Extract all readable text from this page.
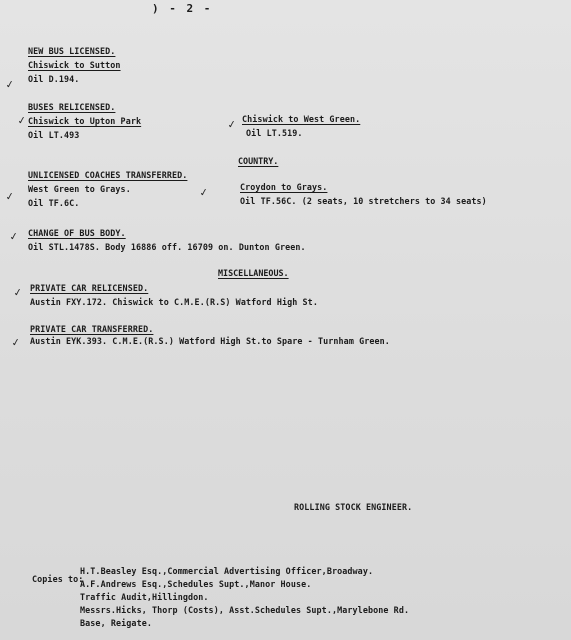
) - 2 -
NEW BUS LICENSED.
Chiswick to Sutton
Oil D.194.
✓
BUSES RELICENSED.
✓ Chiswick to Upton Park
Oil LT.493
✓ Chiswick to West Green.
Oil LT.519.
COUNTRY.
UNLICENSED COACHES TRANSFERRED.
West Green to Grays.
✓ Oil TF.6C.
✓	Croydon to Grays.
Oil TF.56C. (2 seats, 10 stretchers to 34 seats)
✓ CHANGE OF BUS BODY.
Oil STL.1478S. Body 16886 off. 16709 on. Dunton Green.
MISCELLANEOUS.
✓ PRIVATE CAR RELICENSED.
Austin FXY.172. Chiswick to C.M.E.(R.S) Watford High St.
PRIVATE CAR TRANSFERRED.
✓ Austin EYK.393. C.M.E.(R.S.) Watford High St.to Spare - Turnham Green.
ROLLING STOCK ENGINEER.
Copies to:
H.T.Beasley Esq.,Commercial Advertising Officer,Broadway.
A.F.Andrews Esq.,Schedules Supt.,Manor House.
Traffic Audit,Hillingdon.
Messrs.Hicks, Thorp (Costs), Asst.Schedules Supt.,Marylebone Rd.
Base, Reigate.
